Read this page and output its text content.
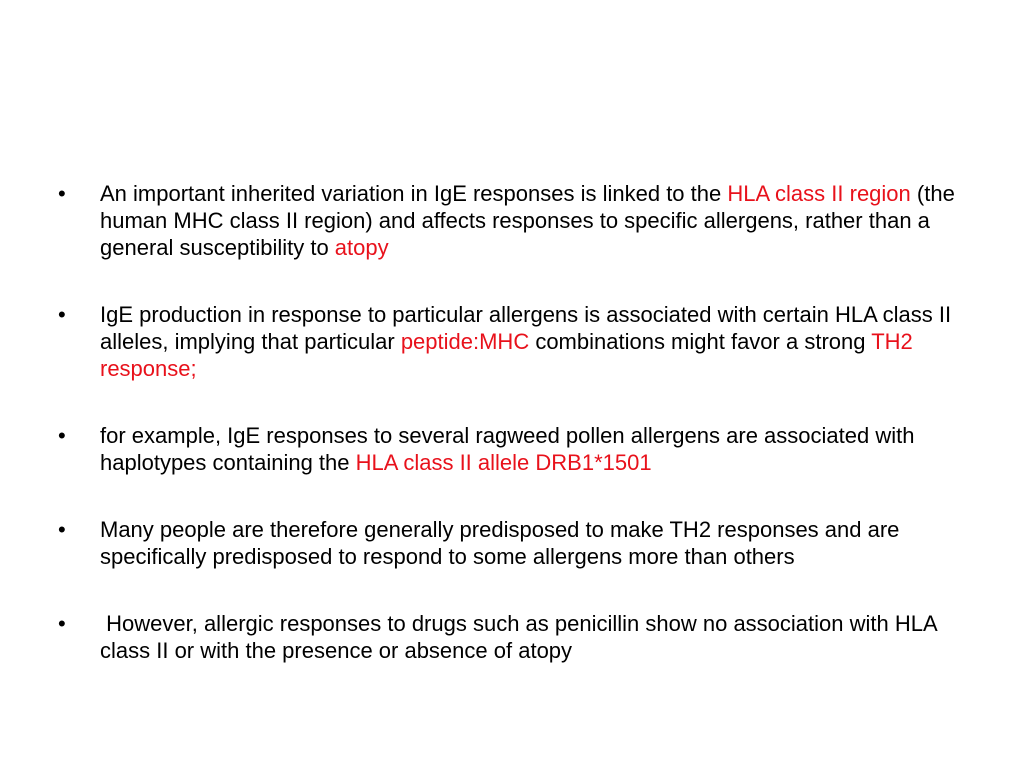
• An important inherited variation in IgE responses is linked to the HLA class II region (the human MHC class II region) and affects responses to specific allergens, rather than a general susceptibility to atopy
• IgE production in response to particular allergens is associated with certain HLA class II alleles, implying that particular peptide:MHC combinations might favor a strong TH2 response;
• for example, IgE responses to several ragweed pollen allergens are associated with haplotypes containing the HLA class II allele DRB1*1501
• Many people are therefore generally predisposed to make TH2 responses and are specifically predisposed to respond to some allergens more than others
• However, allergic responses to drugs such as penicillin show no association with HLA class II or with the presence or absence of atopy
